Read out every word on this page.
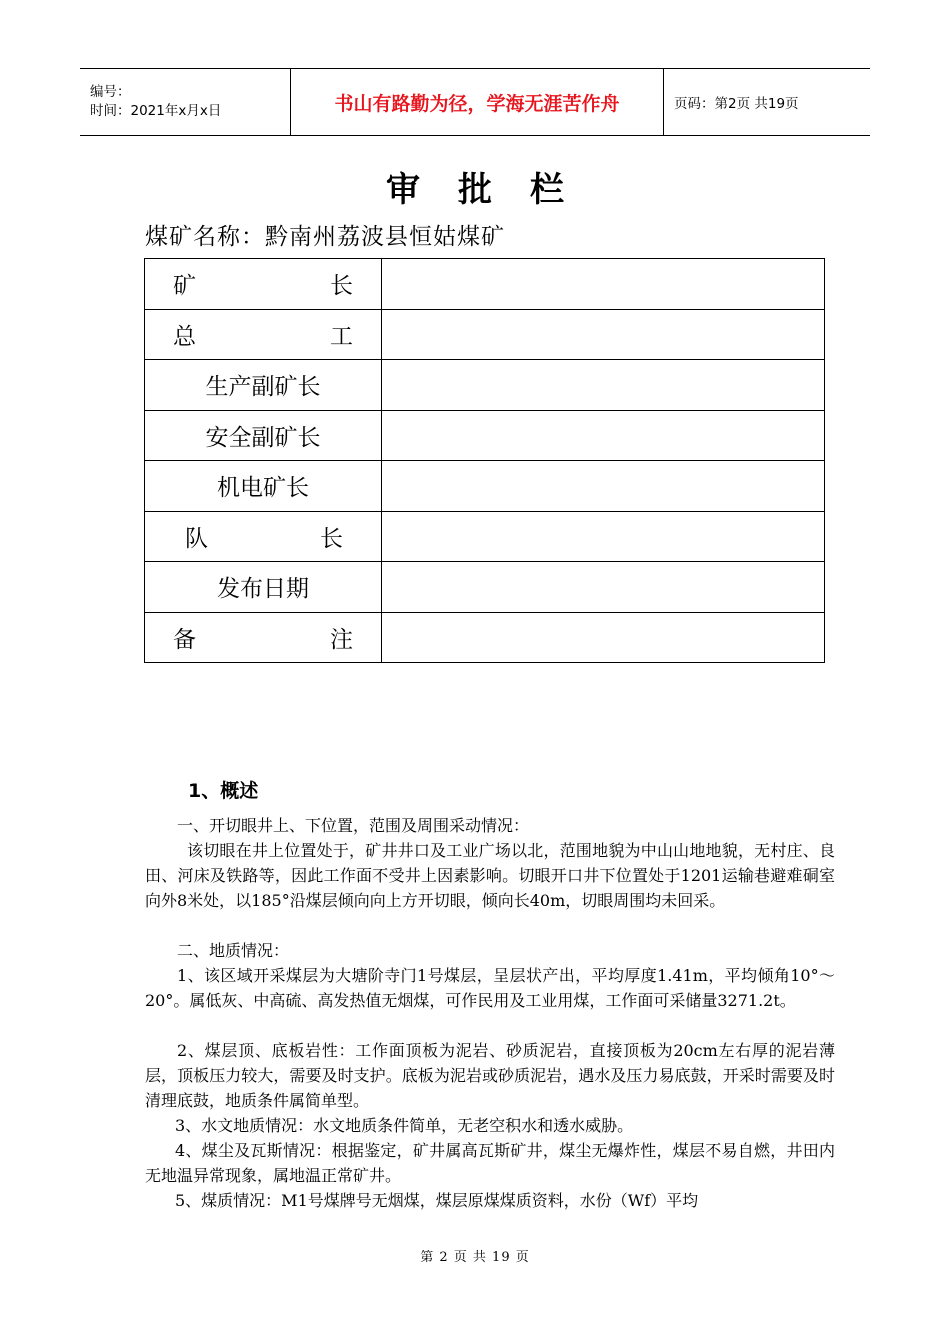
编号：
时间：2021年x月x日	书山有路勤为径，学海无涯苦作舟	页码：第2页 共19页
审批栏
煤矿名称：黔南州荔波县恒姑煤矿
矿 长	

总 工	

生产副矿长	

安全副矿长	

机电矿长	

队 长	

发布日期	

备 注	

1、概述
一、开切眼井上、下位置，范围及周围采动情况：
该切眼在井上位置处于，矿井井口及工业广场以北，范围地貌为中山山地地貌，无村庄、良田、河床及铁路等，因此工作面不受井上因素影响。切眼开口井下位置处于1201运输巷避难硐室向外8米处，以185°沿煤层倾向向上方开切眼，倾向长40m，切眼周围均未回采。
二、地质情况：
1、该区域开采煤层为大塘阶寺门1号煤层，呈层状产出，平均厚度1.41m，平均倾角10°～20°。属低灰、中高硫、高发热值无烟煤，可作民用及工业用煤，工作面可采储量3271.2t。
2、煤层顶、底板岩性：工作面顶板为泥岩、砂质泥岩，直接顶板为20cm左右厚的泥岩薄层，顶板压力较大，需要及时支护。底板为泥岩或砂质泥岩，遇水及压力易底鼓，开采时需要及时清理底鼓，地质条件属简单型。
3、水文地质情况：水文地质条件简单，无老空积水和透水威胁。
4、煤尘及瓦斯情况：根据鉴定，矿井属高瓦斯矿井，煤尘无爆炸性，煤层不易自燃，井田内无地温异常现象，属地温正常矿井。
5、煤质情况：M1号煤牌号无烟煤，煤层原煤煤质资料，水份（Wf）平均
第 2 页 共 19 页
